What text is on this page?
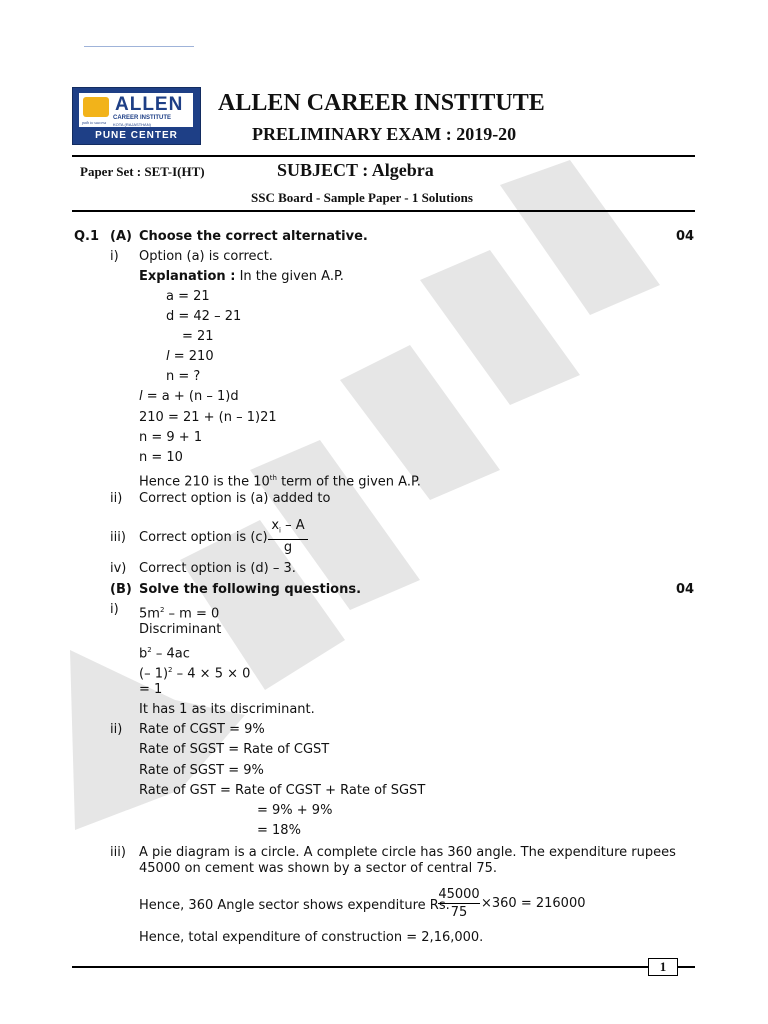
ALLEN
CAREER INSTITUTE
KOTA (RAJASTHAN)
path to success
PUNE CENTER
ALLEN CAREER INSTITUTE
PRELIMINARY EXAM : 2019-20
Paper Set : SET-I(HT)	SUBJECT : Algebra
SSC Board - Sample Paper - 1 Solutions
Q.1 (A) Choose the correct alternative.	04
i) Option (a) is correct.
Explanation : In the given A.P.
a = 21
d = 42 – 21
= 21
l = 210
n = ?
l = a + (n – 1)d
210 = 21 + (n – 1)21
n = 9 + 1
n = 10
Hence 210 is the 10th term of the given A.P.
ii) Correct option is (a) added to
iii) Correct option is $(c) \frac{x_i - A}{g}$
iv) Correct option is (d) – 3.
(B) Solve the following questions.	04
i) $5m^2 - m = 0$
Discriminant
$b^2 - 4ac$
(– 1)$^2$ – 4 × 5 × 0
= 1
It has 1 as its discriminant.
ii) Rate of CGST = 9%
Rate of SGST = Rate of CGST
Rate of SGST = 9%
Rate of GST = Rate of CGST + Rate of SGST
= 9% + 9%
= 18%
iii) A pie diagram is a circle. A complete circle has 360 angle. The expenditure rupees
45000 on cement was shown by a sector of central 75.
Hence, 360 Angle sector shows expenditure Rs.
$\frac{45000}{75} \times 360 = 216000$
Hence, total expenditure of construction = 2,16,000.
1
